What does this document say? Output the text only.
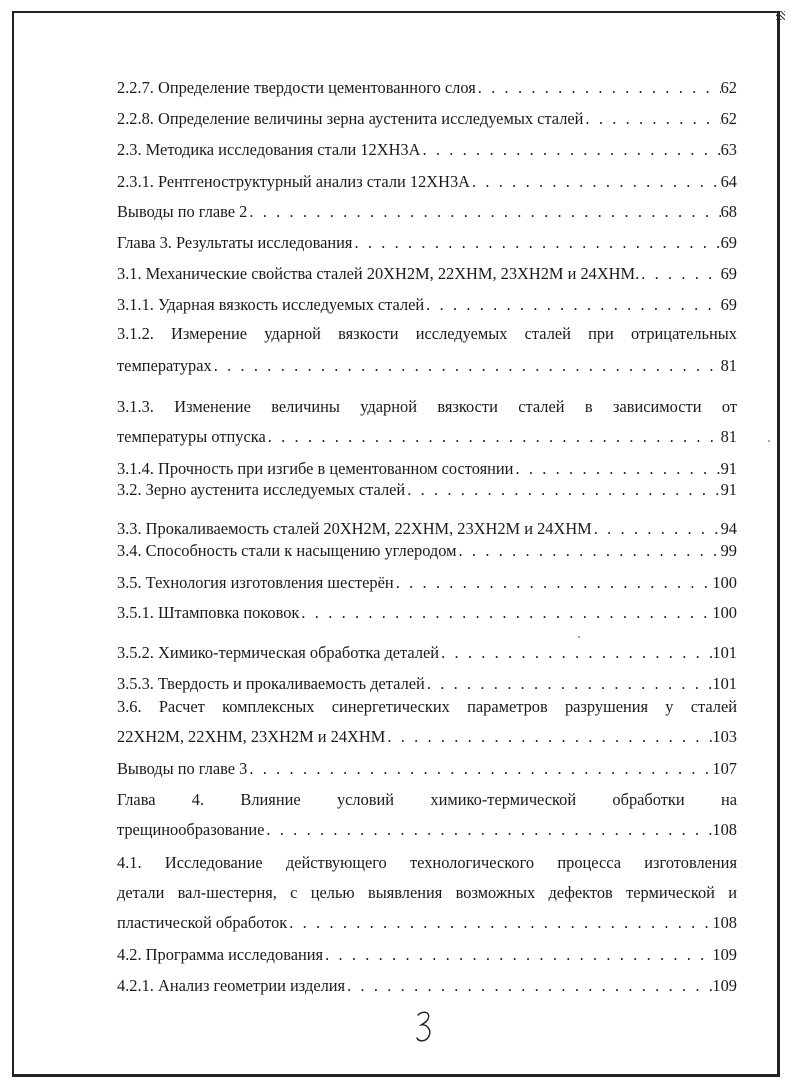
2.2.7. Определение твердости цементованного слоя . . .	62
2.2.8. Определение величины зерна аустенита исследуемых сталей . . .	62
2.3. Методика исследования стали 12ХН3А . . .	63
2.3.1. Рентгеноструктурный анализ стали 12ХН3А . . .	64
Выводы по главе 2 . . .	68
Глава 3. Результаты исследования . . .	69
3.1. Механические свойства сталей 20ХН2М, 22ХНМ, 23ХН2М и 24ХНМ. . . .	69
3.1.1. Ударная вязкость исследуемых сталей . . .	69
3.1.2. Измерение ударной вязкости исследуемых сталей при отрицательных
температурах . . .	81
3.1.3. Изменение величины ударной вязкости сталей в зависимости от
температуры отпуска . . .	81
3.1.4. Прочность при изгибе в цементованном состоянии . . .	91
3.2. Зерно аустенита исследуемых сталей . . .	91
3.3. Прокаливаемость сталей 20ХН2М, 22ХНМ, 23ХН2М и 24ХНМ . . .	94
3.4. Способность стали к насыщению углеродом . . .	99
3.5. Технология изготовления шестерён . . .	100
3.5.1. Штамповка поковок . . .	100
3.5.2. Химико-термическая обработка деталей . . .	101
3.5.3. Твердость и прокаливаемость деталей . . .	101
3.6. Расчет комплексных синергетических параметров разрушения у сталей
22ХН2М, 22ХНМ, 23ХН2М и 24ХНМ . . .	103
Выводы по главе 3 . . .	107
Глава 4. Влияние условий химико-термической обработки на
трещинообразование . . .	108
4.1. Исследование действующего технологического процесса изготовления
детали вал-шестерня, с целью выявления возможных дефектов термической и
пластической обработок . . .	108
4.2. Программа исследования . . .	109
4.2.1. Анализ геометрии изделия . . .	109
